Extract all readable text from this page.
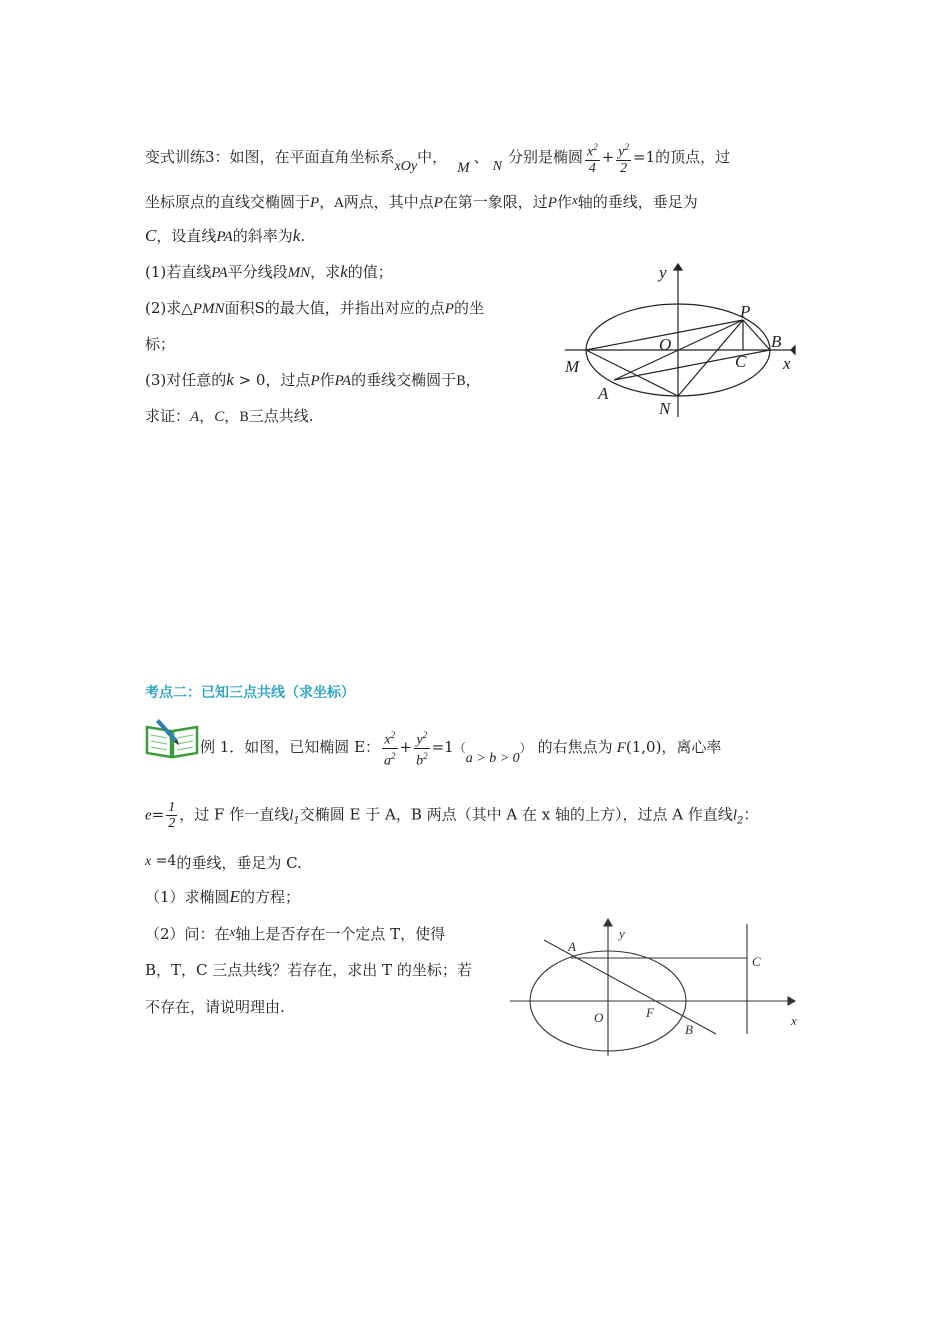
变式训练3：如图，在平面直角坐标系xOy中，M、N分别是椭圆 $\frac{x^2}{4} + \frac{y^2}{2} =1$的顶点，过
坐标原点的直线交椭圆于P，A两点，其中点P在第一象限，过P作x轴的垂线，垂足为
C，设直线PA的斜率为k.
(1)若直线PA平分线段MN，求k的值；
(2)求△PMN面积S的最大值，并指出对应的点P的坐
标；
(3)对任意的k > 0，过点P作PA的垂线交椭圆于B，
求证：A，C，B三点共线.
y
P
B
O
M	C x
A
N
考点二：已知三点共线（求坐标）
例 1．如图，已知椭圆 E： $\frac{x^2}{a^2} + \frac{y^2}{b^2} =1(a > b > 0)$ 的右焦点为 F(1,0)，离心率
$e= \frac{1}{2}$ ，过 F 作一直线$l_1$交椭圆 E 于 A，B 两点（其中 A 在 x 轴的上方），过点 A 作直线$l_2$：
x =4的垂线，垂足为 C.
（1）求椭圆E的方程；
（2）问：在x轴上是否存在一个定点 T，使得
B，T，C 三点共线？若存在，求出 T 的坐标；若
不存在，请说明理由.
A
y
C
O	F
x
B
